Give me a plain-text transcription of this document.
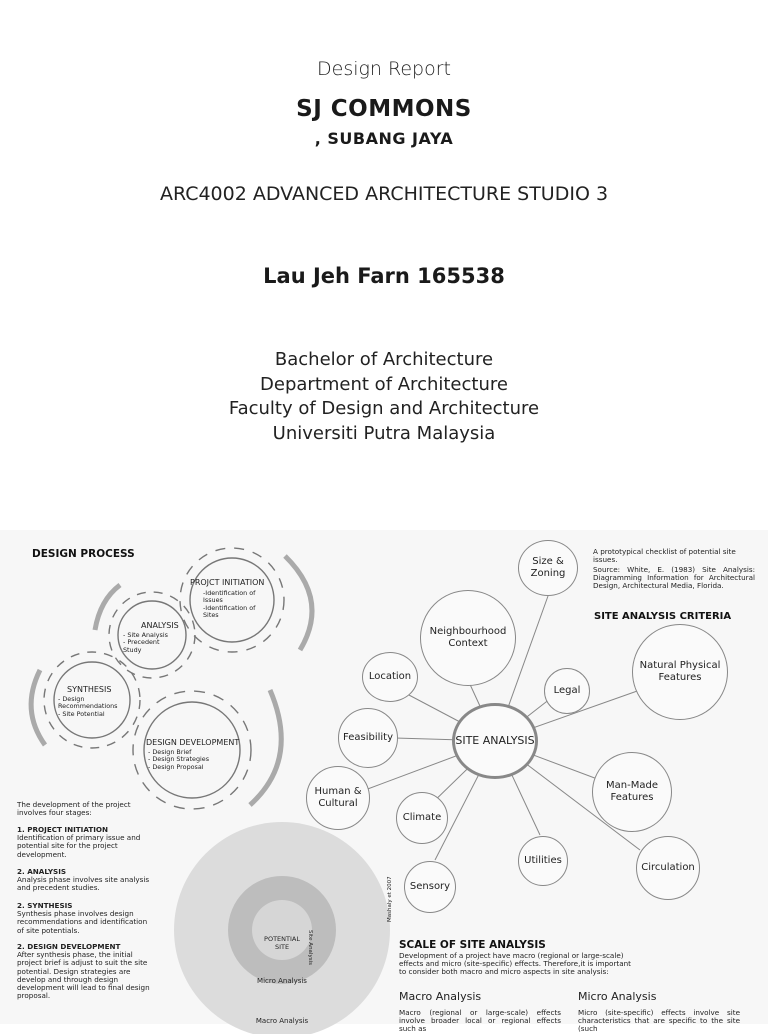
Design Report
SJ COMMONS
, SUBANG JAYA
ARC4002 ADVANCED ARCHITECTURE STUDIO 3
Lau Jeh Farn 165538
Bachelor of Architecture
Department of Architecture
Faculty of Design and Architecture
Universiti Putra Malaysia
DESIGN PROCESS
PROJCT INITIATION
-Identification of Issues
-Identification of Sites
ANALYSIS
- Site Analysis
- Precedent Study
SYNTHESIS
- Design Recommendations
- Site Potential
DESIGN DEVELOPMENT
- Design Brief
- Design Strategies
- Design Proposal
The development of the project involves four stages:
1. PROJECT INITIATION
Identification of primary issue and potential site for the project development.
2. ANALYSIS
Analysis phase involves site analysis and precedent studies.
2. SYNTHESIS
Synthesis phase involves design recommendations and identification of site potentials.
2. DESIGN DEVELOPMENT
After synthesis phase, the initial project brief is adjust to suit the site potential. Design strategies are develop and through design development will lead to final design proposal.
SITE ANALYSIS
Size & Zoning
Neighbourhood Context
Location
Legal
Natural Physical Features
Feasibility
Human & Cultural
Man-Made Features
Climate
Utilities
Circulation
Sensory
A prototypical checklist of potential site issues.
Source: White, E. (1983) Site Analysis: Diagramming Information for Architectural Design, Architectural Media, Florida.
SITE ANALYSIS CRITERIA
POTENTIAL SITE
Micro Analysis
Macro Analysis
Site Analysis
Mashaly et 2007
SCALE OF SITE ANALYSIS
Development of a project have macro (regional or large-scale) effects and micro (site-specific) effects. Therefore,it is important to consider both macro and micro aspects in site analysis:
Macro Analysis
Macro (regional or large-scale) effects involve broader local or regional effects such as
Micro Analysis
Micro (site-specific) effects involve site characteristics that are specific to the site (such
